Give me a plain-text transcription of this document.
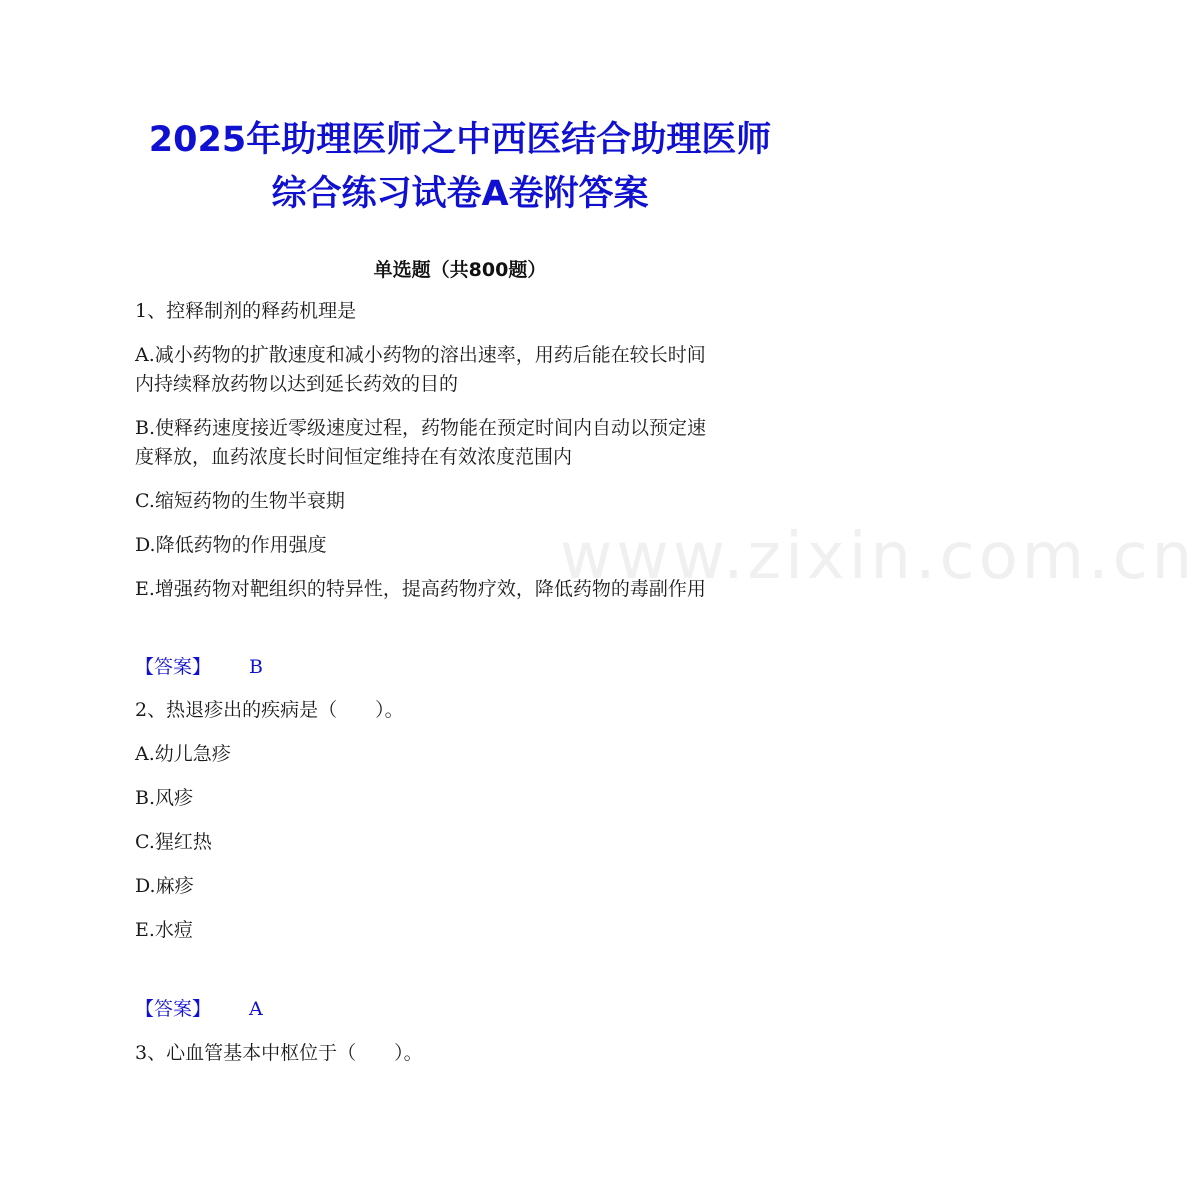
2025年助理医师之中西医结合助理医师
综合练习试卷A卷附答案
单选题（共800题）
1、控释制剂的释药机理是
A.减小药物的扩散速度和减小药物的溶出速率，用药后能在较长时间
内持续释放药物以达到延长药效的目的
B.使释药速度接近零级速度过程，药物能在预定时间内自动以预定速
度释放，血药浓度长时间恒定维持在有效浓度范围内
C.缩短药物的生物半衰期
D.降低药物的作用强度
E.增强药物对靶组织的特异性，提高药物疗效，降低药物的毒副作用
【答案】 B
2、热退疹出的疾病是（　　）。
A.幼儿急疹
B.风疹
C.猩红热
D.麻疹
E.水痘
【答案】 A
3、心血管基本中枢位于（　　）。
www.zixin.com.cn
